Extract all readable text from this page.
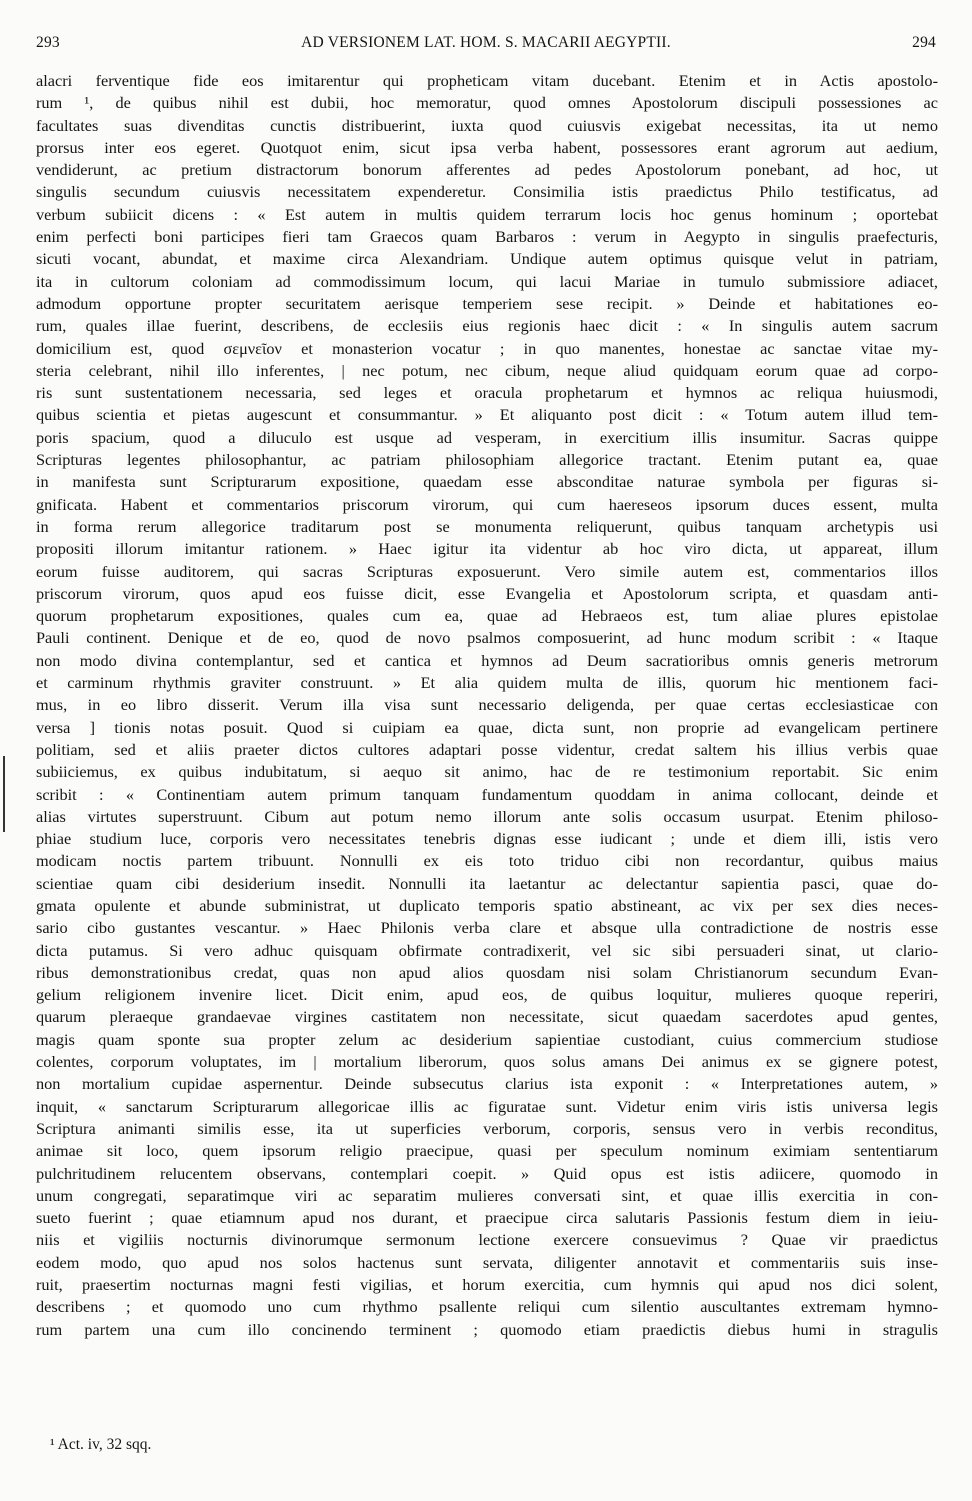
293	AD VERSIONEM LAT. HOM. S. MACARII AEGYPTII.	294
alacri ferventique fide eos imitarentur qui propheticam vitam ducebant. Etenim et in Actis apostolo-
rum ¹, de quibus nihil est dubii, hoc memoratur, quod omnes Apostolorum discipuli possessiones ac
facultates suas divenditas cunctis distribuerint, iuxta quod cuiusvis exigebat necessitas, ita ut nemo
prorsus inter eos egeret. Quotquot enim, sicut ipsa verba habent, possessores erant agrorum aut aedium,
vendiderunt, ac pretium distractorum bonorum afferentes ad pedes Apostolorum ponebant, ad hoc, ut
singulis secundum cuiusvis necessitatem expenderetur. Consimilia istis praedictus Philo testificatus, ad
verbum subiicit dicens : « Est autem in multis quidem terrarum locis hoc genus hominum ; oportebat
enim perfecti boni participes fieri tam Graecos quam Barbaros : verum in Aegypto in singulis praefecturis,
sicuti vocant, abundat, et maxime circa Alexandriam. Undique autem optimus quisque velut in patriam,
ita in cultorum coloniam ad commodissimum locum, qui lacui Mariae in tumulo submissiore adiacet,
admodum opportune propter securitatem aerisque temperiem sese recipit. » Deinde et habitationes eo-
rum, quales illae fuerint, describens, de ecclesiis eius regionis haec dicit : « In singulis autem sacrum
domicilium est, quod σεμνεῖον et monasterion vocatur ; in quo manentes, honestae ac sanctae vitae my-
steria celebrant, nihil illo inferentes, | nec potum, nec cibum, neque aliud quidquam eorum quae ad corpo-
ris sunt sustentationem necessaria, sed leges et oracula prophetarum et hymnos ac reliqua huiusmodi,
quibus scientia et pietas augescunt et consummantur. » Et aliquanto post dicit : « Totum autem illud tem-
poris spacium, quod a diluculo est usque ad vesperam, in exercitium illis insumitur. Sacras quippe
Scripturas legentes philosophantur, ac patriam philosophiam allegorice tractant. Etenim putant ea, quae
in manifesta sunt Scripturarum expositione, quaedam esse absconditae naturae symbola per figuras si-
gnificata. Habent et commentarios priscorum virorum, qui cum haereseos ipsorum duces essent, multa
in forma rerum allegorice traditarum post se monumenta reliquerunt, quibus tanquam archetypis usi
propositi illorum imitantur rationem. » Haec igitur ita videntur ab hoc viro dicta, ut appareat, illum
eorum fuisse auditorem, qui sacras Scripturas exposuerunt. Vero simile autem est, commentarios illos
priscorum virorum, quos apud eos fuisse dicit, esse Evangelia et Apostolorum scripta, et quasdam anti-
quorum prophetarum expositiones, quales cum ea, quae ad Hebraeos est, tum aliae plures epistolae
Pauli continent. Denique et de eo, quod de novo psalmos composuerint, ad hunc modum scribit : « Itaque
non modo divina contemplantur, sed et cantica et hymnos ad Deum sacratioribus omnis generis metrorum
et carminum rhythmis graviter construunt. » Et alia quidem multa de illis, quorum hic mentionem faci-
mus, in eo libro disserit. Verum illa visa sunt necessario deligenda, per quae certas ecclesiasticae con
versa ] tionis notas posuit. Quod si cuipiam ea quae, dicta sunt, non proprie ad evangelicam pertinere
politiam, sed et aliis praeter dictos cultores adaptari posse videntur, credat saltem his illius verbis quae
subiiciemus, ex quibus indubitatum, si aequo sit animo, hac de re testimonium reportabit. Sic enim
scribit : « Continentiam autem primum tanquam fundamentum quoddam in anima collocant, deinde et
alias virtutes superstruunt. Cibum aut potum nemo illorum ante solis occasum usurpat. Etenim philoso-
phiae studium luce, corporis vero necessitates tenebris dignas esse iudicant ; unde et diem illi, istis vero
modicam noctis partem tribuunt. Nonnulli ex eis toto triduo cibi non recordantur, quibus maius
scientiae quam cibi desiderium insedit. Nonnulli ita laetantur ac delectantur sapientia pasci, quae do-
gmata opulente et abunde subministrat, ut duplicato temporis spatio abstineant, ac vix per sex dies neces-
sario cibo gustantes vescantur. » Haec Philonis verba clare et absque ulla contradictione de nostris esse
dicta putamus. Si vero adhuc quisquam obfirmate contradixerit, vel sic sibi persuaderi sinat, ut clario-
ribus demonstrationibus credat, quas non apud alios quosdam nisi solam Christianorum secundum Evan-
gelium religionem invenire licet. Dicit enim, apud eos, de quibus loquitur, mulieres quoque reperiri,
quarum pleraeque grandaevae virgines castitatem non necessitate, sicut quaedam sacerdotes apud gentes,
magis quam sponte sua propter zelum ac desiderium sapientiae custodiant, cuius commercium studiose
colentes, corporum voluptates, im | mortalium liberorum, quos solus amans Dei animus ex se gignere potest,
non mortalium cupidae aspernentur. Deinde subsecutus clarius ista exponit : « Interpretationes autem, »
inquit, « sanctarum Scripturarum allegoricae illis ac figuratae sunt. Videtur enim viris istis universa legis
Scriptura animanti similis esse, ita ut superficies verborum, corporis, sensus vero in verbis reconditus,
animae sit loco, quem ipsorum religio praecipue, quasi per speculum nominum eximiam sententiarum
pulchritudinem relucentem observans, contemplari coepit. » Quid opus est istis adiicere, quomodo in
unum congregati, separatimque viri ac separatim mulieres conversati sint, et quae illis exercitia in con-
sueto fuerint ; quae etiamnum apud nos durant, et praecipue circa salutaris Passionis festum diem in ieiu-
niis et vigiliis nocturnis divinorumque sermonum lectione exercere consuevimus ? Quae vir praedictus
eodem modo, quo apud nos solos hactenus sunt servata, diligenter annotavit et commentariis suis inse-
ruit, praesertim nocturnas magni festi vigilias, et horum exercitia, cum hymnis qui apud nos dici solent,
describens ; et quomodo uno cum rhythmo psallente reliqui cum silentio auscultantes extremam hymno-
rum partem una cum illo concinendo terminent ; quomodo etiam praedictis diebus humi in stragulis
¹ Act. iv, 32 sqq.
